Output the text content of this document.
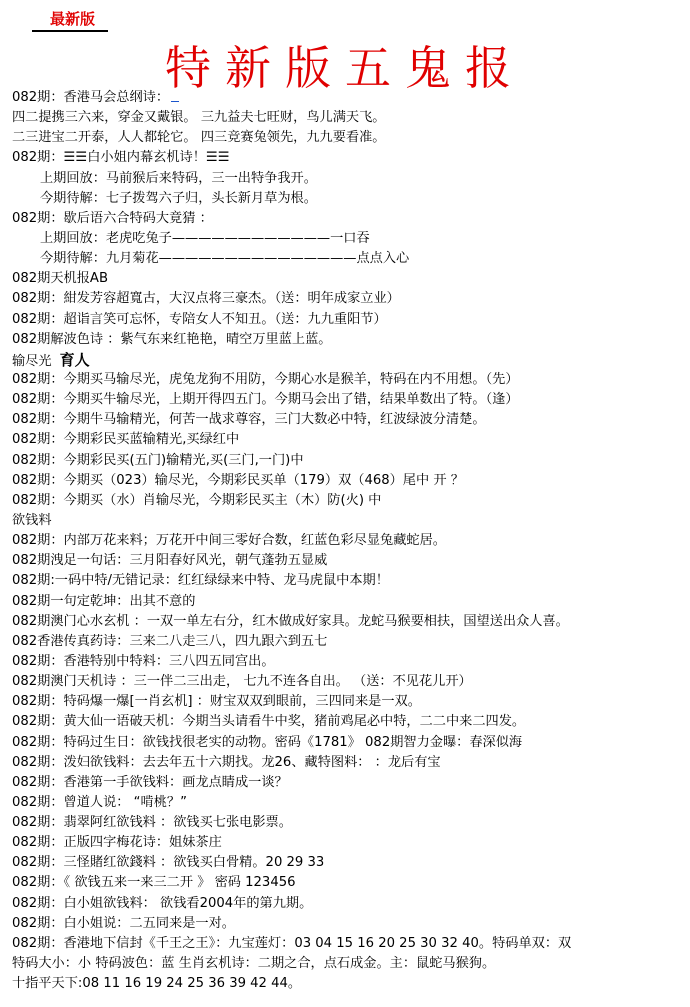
最新版
特新版五鬼报
082期：香港马会总纲诗：
四二提携三六来，穿金又戴银。 三九益夫七旺财，鸟儿满天飞。
二三进宝二开泰，人人都轮它。 四三竞赛兔领先，九九要看准。
082期：☰☰白小姐内幕玄机诗！☰☰
上期回放：马前猴后来特码，三一出特争我开。
今期待解：七子拨驾六子归，头长新月草为根。
082期：歇后语六合特码大竟猜 ：
上期回放：老虎吃兔子————————————一口吞
今期待解：九月菊花———————————————点点入心
082期天机报AB
082期：紺发芳容超寬古，大汉点将三豪杰。（送：明年成家立业）
082期：超诣言笑可忘怀，专陪女人不知丑。（送：九九重阳节）
082期解波色诗 ：紫气东来红艳艳，晴空万里蓝上蓝。
输尽光 育人
082期：今期买马输尽光，虎兔龙狗不用防，今期心水是猴羊，特码在内不用想。（先）
082期：今期买牛输尽光，上期开得四五门。今期马会出了错，结果单数出了特。（逢）
082期：今期牛马输精光，何苦一战求尊容，三门大数必中特，红波绿波分清楚。
082期：今期彩民买蓝输精光,买绿红中
082期：今期彩民买(五门)输精光,买(三门,一门)中
082期：今期买（023）输尽光，今期彩民买单（179）双（468）尾中 开 ？
082期：今期买（水）肖输尽光，今期彩民买主（木）防(火) 中
欲钱料
082期：内部万花来料；万花开中间三零好合数，红蓝色彩尽显兔藏蛇居。
082期洩足一句话：三月阳春好风光，朝气蓬勃五显威
082期:一码中特/无错记录：红红绿绿来中特、龙马虎鼠中本期！
082期一句定乾坤：出其不意的
082期澳门心水玄机 ：一双一单左右分，红木做成好家具。龙蛇马猴要相扶，国望送出众人喜。
082香港传真药诗：三来二八走三八，四九跟六到五七
082期：香港特别中特料：三八四五同宫出。
082期澳门天机诗 ：三一伴二三出走， 七九不连各自出。 （送：不见花儿开）
082期：特码爆一爆[一肖玄机] ：财宝双双到眼前，三四同来是一双。
082期：黄大仙一语破天机：今期当头请看牛中奖，猪前鸡尾必中特，二二中来二四发。
082期：特码过生日：欲钱找很老实的动物。密码《1781》 082期智力金曝：春深似海
082期：泼妇欲钱料：去去年五十六期找。龙26、藏特图料： ：龙后有宝
082期：香港第一手欲钱料：画龙点睛成一谈？
082期：曾道人说： “啃桃？”
082期：翡翠阿红欲钱料 ：欲钱买七张电影票。
082期：正版四字梅花诗：姐妹茶庄
082期：三怪賭红欲錢料 ：欲钱买白骨精。20 29 33
082期：《 欲钱五来一来三二开 》 密码 123456
082期：白小姐欲钱料： 欲钱看2004年的第九期。
082期：白小姐说：二五同来是一对。
082期：香港地下信封《千王之王》：九宝莲灯：03 04 15 16 20 25 30 32 40。特码单双：双
特码大小：小 特码波色：蓝 生肖玄机诗：二期之合，点石成金。主：鼠蛇马猴狗。
十指平天下:08 11 16 19 24 25 36 39 42 44。
